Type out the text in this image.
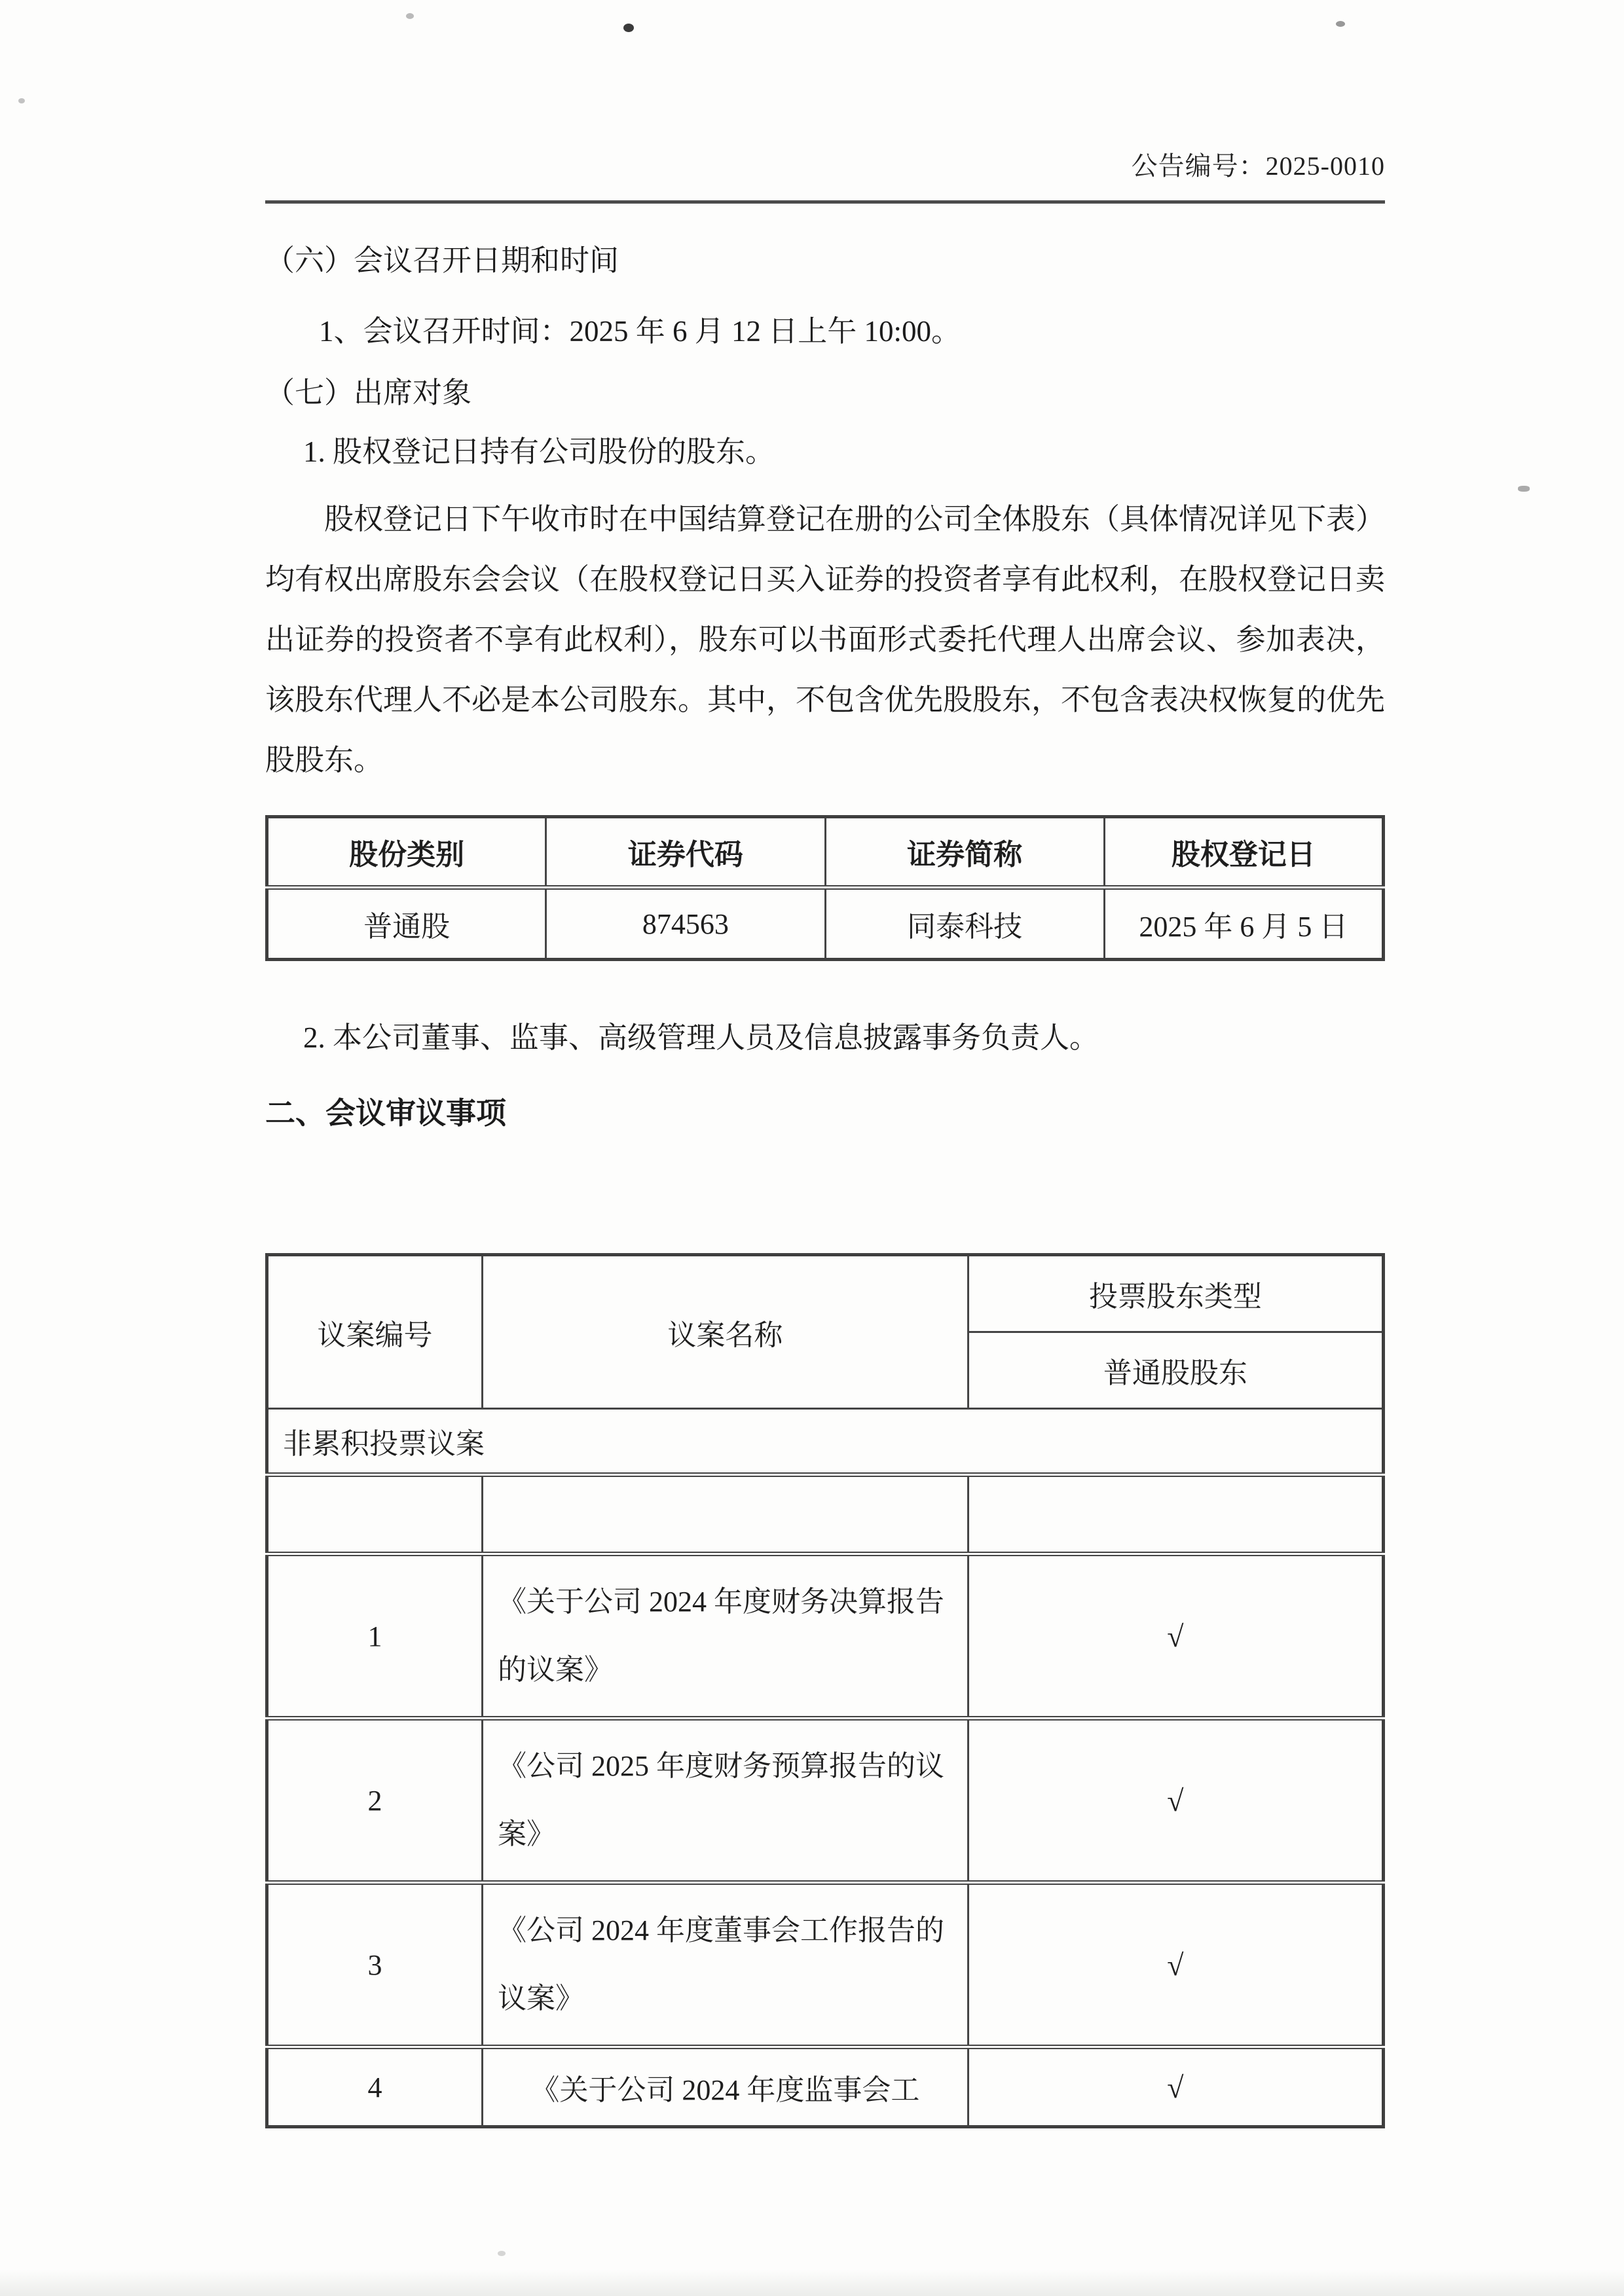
公告编号：2025-0010
（六）会议召开日期和时间
1、会议召开时间：2025 年 6 月 12 日上午 10:00。
（七）出席对象
1. 股权登记日持有公司股份的股东。
股权登记日下午收市时在中国结算登记在册的公司全体股东（具体情况详见下表）均有权出席股东会会议（在股权登记日买入证券的投资者享有此权利，在股权登记日卖出证券的投资者不享有此权利），股东可以书面形式委托代理人出席会议、参加表决，该股东代理人不必是本公司股东。其中，不包含优先股股东，不包含表决权恢复的优先股股东。
股份类别	证券代码	证券简称	股权登记日
普通股	874563	同泰科技	2025 年 6 月 5 日
2. 本公司董事、监事、高级管理人员及信息披露事务负责人。
二、会议审议事项
议案编号	议案名称	投票股东类型
		普通股股东
非累积投票议案		

1	《关于公司 2024 年度财务决算报告的议案》	√
2	《公司 2025 年度财务预算报告的议案》	√
3	《公司 2024 年度董事会工作报告的议案》	√
4	《关于公司 2024 年度监事会工	√
